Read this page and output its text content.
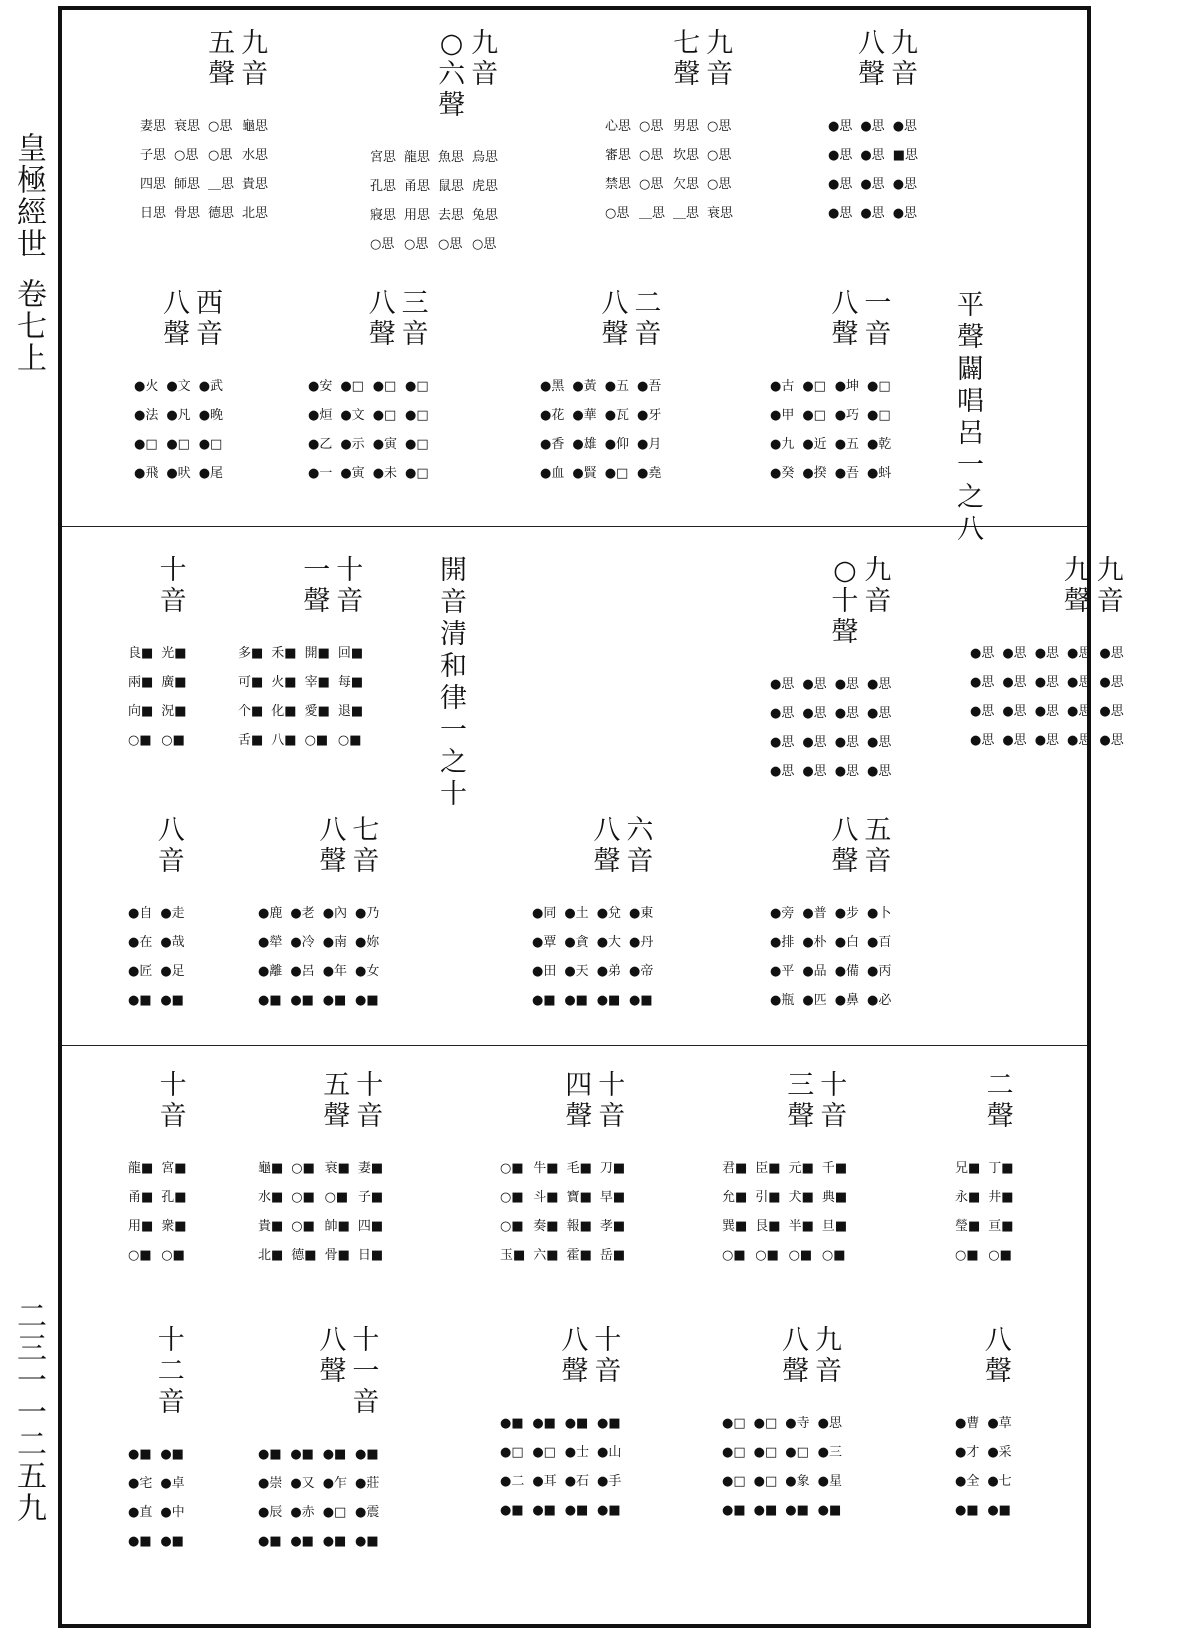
皇極經世卷七上
二三一一二五九
平
聲
闢
唱
呂
一
之
八
開
音
清
和
律
一
之
十
九
音
八
聲
●思
■思
●思
●思
●思
●思
●思
●思
●思
●思
●思
●思
九
音
七
聲
○思
○思
○思
衰思
男思
坎思
欠思
＿思
○思
○思
○思
＿思
心思
審思
禁思
○思
九
音
○
六
聲
烏思
虎思
兔思
○思
魚思
鼠思
去思
○思
龍思
甬思
用思
○思
宮思
孔思
寢思
○思
九
音
五
聲
龜思
水思
貴思
北思
○思
○思
＿思
德思
衰思
○思
師思
骨思
妻思
子思
四思
日思
一
音
八
聲
●□
●□
●乾
●蚪
●坤
●巧
●五
●吾
●□
●□
●近
●揆
●古
●甲
●九
●癸
二
音
八
聲
●吾
●牙
●月
●堯
●五
●瓦
●仰
●□
●黃
●華
●雄
●賢
●黑
●花
●香
●血
三
音
八
聲
●□
●□
●□
●□
●□
●□
●寅
●未
●□
●文
●示
●寅
●安
●烜
●乙
●一
西
音
八
聲
●武
●晚
●□
●尾
●文
●凡
●□
●吠
●火
●法
●□
●飛
九
音
九
聲
●思
●思
●思
●思
●思
●思
●思
●思
●思
●思
●思
●思
●思
●思
●思
●思
●思
●思
●思
●思
九
音
○
十
聲
●思
●思
●思
●思
●思
●思
●思
●思
●思
●思
●思
●思
●思
●思
●思
●思
十
音
一
聲
回■
每■
退■
○■
開■
宰■
愛■
○■
禾■
火■
化■
八■
多■
可■
个■
舌■
十
音
光■
廣■
況■
○■
良■
兩■
向■
○■
五
音
八
聲
●卜
●百
●丙
●必
●步
●白
●備
●鼻
●普
●朴
●品
●匹
●旁
●排
●平
●瓶
六
音
八
聲
●東
●丹
●帝
●■
●兌
●大
●弟
●■
●土
●貪
●天
●■
●同
●覃
●田
●■
七
音
八
聲
●乃
●妳
●女
●■
●內
●南
●年
●■
●老
●冷
●呂
●■
●鹿
●犖
●離
●■
八
音
●走
●哉
●足
●■
●自
●在
●匠
●■
二
聲
丁■
井■
亘■
○■
兄■
永■
瑩■
○■
十
音
三
聲
千■
典■
旦■
○■
元■
犬■
半■
○■
臣■
引■
艮■
○■
君■
允■
巽■
○■
十
音
四
聲
刀■
早■
孝■
岳■
毛■
寶■
報■
霍■
牛■
斗■
奏■
六■
○■
○■
○■
玉■
十
音
五
聲
妻■
子■
四■
日■
衰■
○■
帥■
骨■
○■
○■
○■
德■
龜■
水■
貴■
北■
十
音
宮■
孔■
衆■
○■
龍■
甬■
用■
○■
八
聲
●草
●采
●七
●■
●曹
●才
●全
●■
九
音
八
聲
●思
●三
●星
●■
●寺
●□
●象
●■
●□
●□
●□
●■
●□
●□
●□
●■
十
音
八
聲
●■
●山
●手
●■
●■
●士
●石
●■
●■
●□
●耳
●■
●■
●□
●二
●■
十
一
音
八
聲
●■
●莊
●震
●■
●■
●乍
●□
●■
●■
●又
●赤
●■
●■
●崇
●辰
●■
十
二
音
●■
●卓
●中
●■
●■
●宅
●直
●■
